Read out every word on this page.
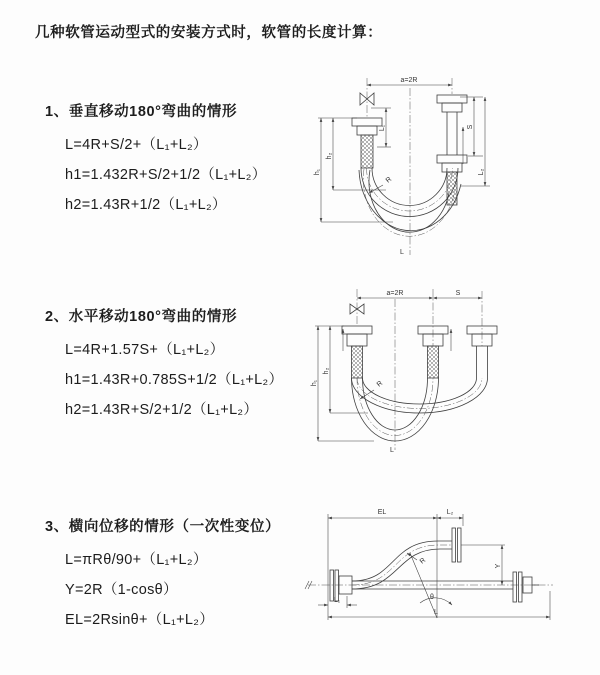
几种软管运动型式的安装方式时，软管的长度计算：
1、垂直移动180°弯曲的情形
L=4R+S/2+（L₁+L₂）
h1=1.432R+S/2+1/2（L₁+L₂）
h2=1.43R+1/2（L₁+L₂）
2、水平移动180°弯曲的情形
L=4R+1.57S+（L₁+L₂）
h1=1.43R+0.785S+1/2（L₁+L₂）
h2=1.43R+S/2+1/2（L₁+L₂）
3、横向位移的情形（一次性变位）
L=πRθ/90+（L₁+L₂）
Y=2R（1-cosθ）
EL=2Rsinθ+（L₁+L₂）
a=2R
h₁
h₂
L₁	S
L₂
R
L
a=2R	S
h₁
h₂
R
L
EL	L₂
Y
R
θ
L
L₁
